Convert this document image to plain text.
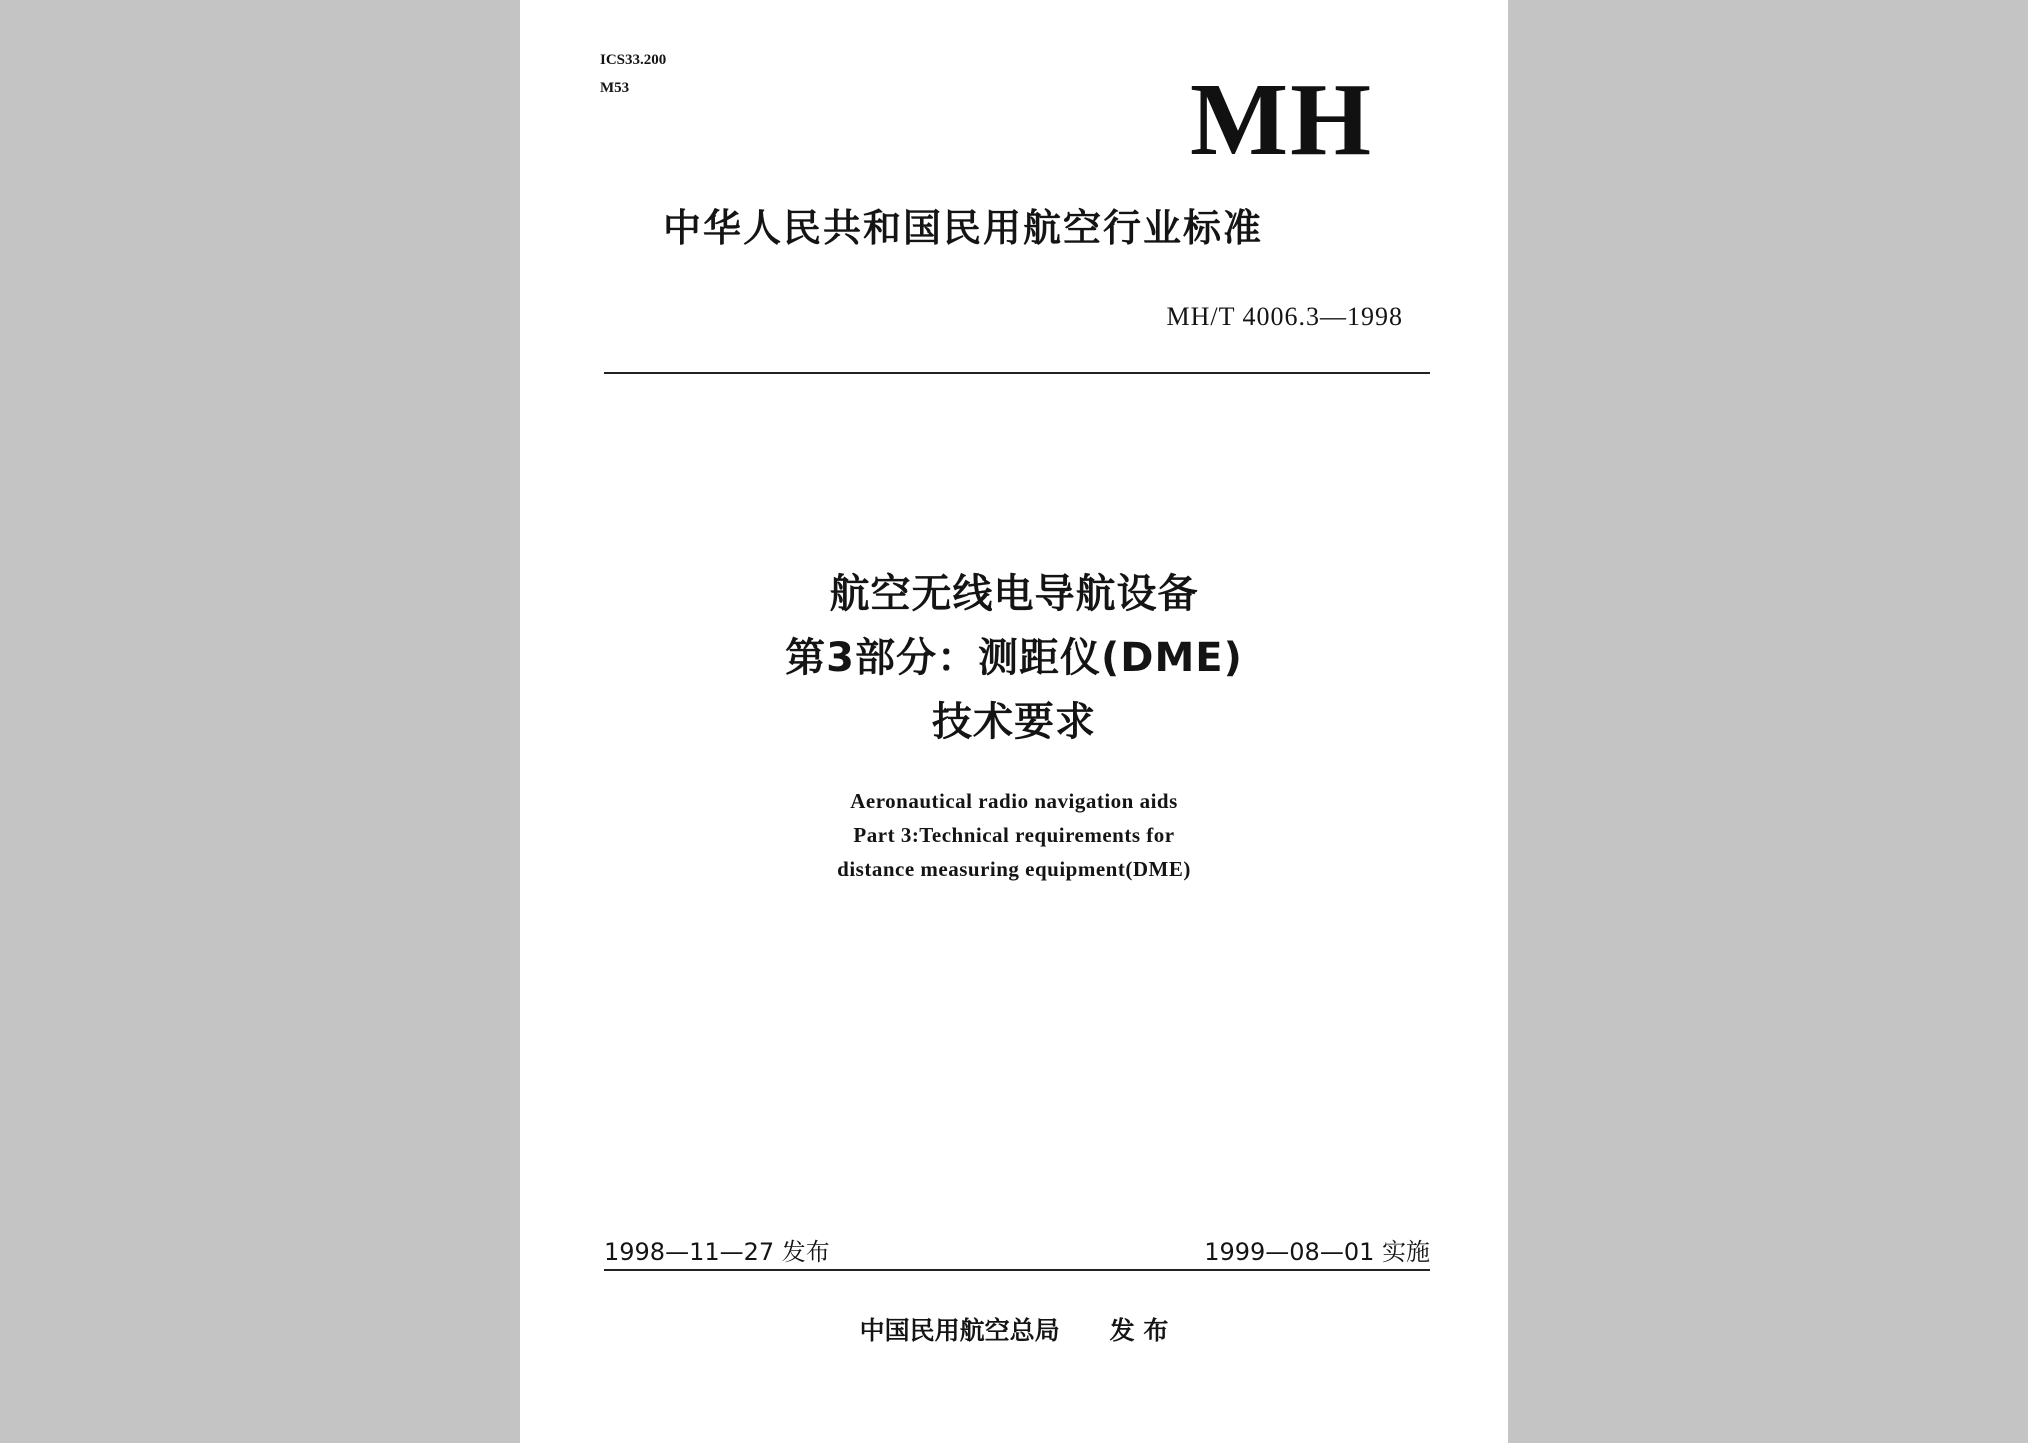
ICS33.200
M53	MH
中华人民共和国民用航空行业标准
MH/T 4006.3—1998
航空无线电导航设备
第3部分：测距仪(DME)
技术要求
Aeronautical radio navigation aids
Part 3:Technical requirements for
distance measuring equipment(DME)
1998—11—27 发布	1999—08—01 实施
中国民用航空总局 发 布
